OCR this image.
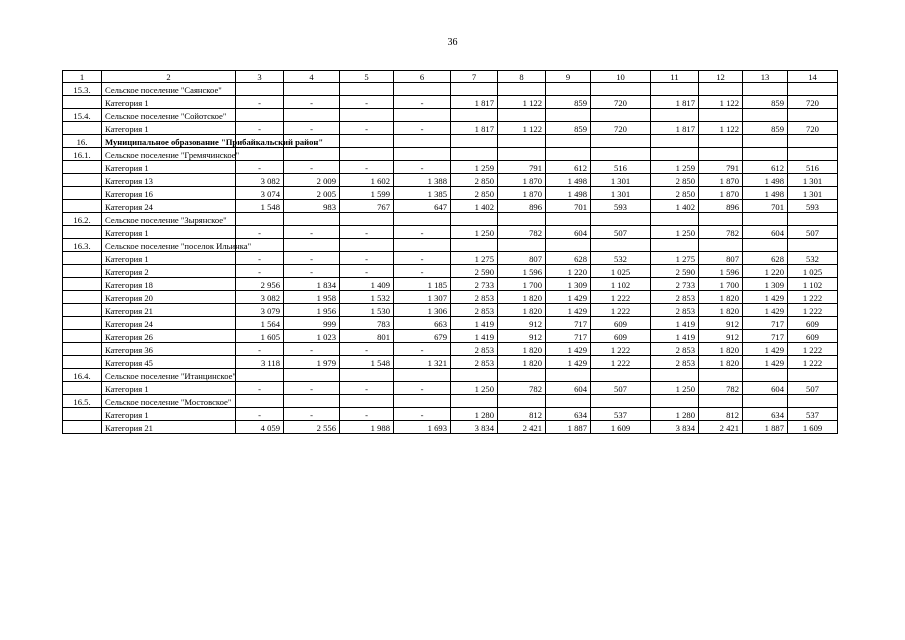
36
1	2	3	4	5	6	7	8	9	10	11	12	13	14
15.3.	Сельское поселение "Саянское"												
	Категория 1	-	-	-	-	1 817	1 122	859	720	1 817	1 122	859	720
15.4.	Сельское поселение "Сойотское"												
	Категория 1	-	-	-	-	1 817	1 122	859	720	1 817	1 122	859	720
16.	Муниципальное образование "Прибайкальский район"												
16.1.	Сельское поселение "Гремячинское"												
	Категория 1	-	-	-	-	1 259	791	612	516	1 259	791	612	516
	Категория 13	3 082	2 009	1 602	1 388	2 850	1 870	1 498	1 301	2 850	1 870	1 498	1 301
	Категория 16	3 074	2 005	1 599	1 385	2 850	1 870	1 498	1 301	2 850	1 870	1 498	1 301
	Категория 24	1 548	983	767	647	1 402	896	701	593	1 402	896	701	593
16.2.	Сельское поселение "Зырянское"												
	Категория 1	-	-	-	-	1 250	782	604	507	1 250	782	604	507
16.3.	Сельское поселение "поселок Ильинка"												
	Категория 1	-	-	-	-	1 275	807	628	532	1 275	807	628	532
	Категория 2	-	-	-	-	2 590	1 596	1 220	1 025	2 590	1 596	1 220	1 025
	Категория 18	2 956	1 834	1 409	1 185	2 733	1 700	1 309	1 102	2 733	1 700	1 309	1 102
	Категория 20	3 082	1 958	1 532	1 307	2 853	1 820	1 429	1 222	2 853	1 820	1 429	1 222
	Категория 21	3 079	1 956	1 530	1 306	2 853	1 820	1 429	1 222	2 853	1 820	1 429	1 222
	Категория 24	1 564	999	783	663	1 419	912	717	609	1 419	912	717	609
	Категория 26	1 605	1 023	801	679	1 419	912	717	609	1 419	912	717	609
	Категория 36	-	-	-	-	2 853	1 820	1 429	1 222	2 853	1 820	1 429	1 222
	Категория 45	3 118	1 979	1 548	1 321	2 853	1 820	1 429	1 222	2 853	1 820	1 429	1 222
16.4.	Сельское поселение "Итанцинское"												
	Категория 1	-	-	-	-	1 250	782	604	507	1 250	782	604	507
16.5.	Сельское поселение "Мостовское"												
	Категория 1	-	-	-	-	1 280	812	634	537	1 280	812	634	537
	Категория 21	4 059	2 556	1 988	1 693	3 834	2 421	1 887	1 609	3 834	2 421	1 887	1 609
